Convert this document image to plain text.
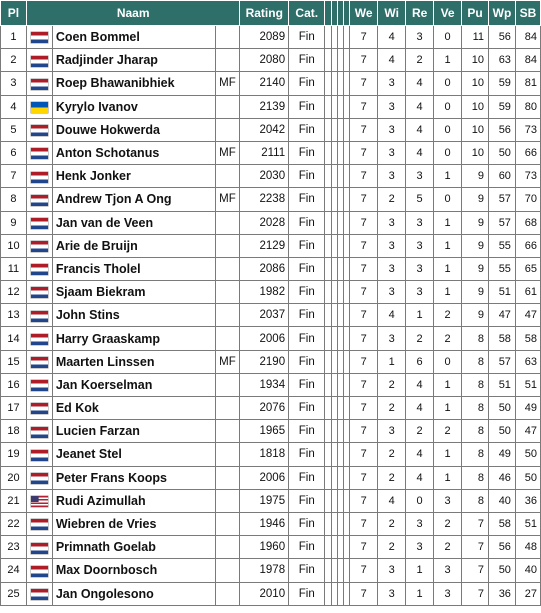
Pl	Naam			Rating	Cat.					We	Wi	Re	Ve	Pu	Wp	SB
1		Coen Bommel		2089	Fin					7	4	3	0	11	56	84
2		Radjinder Jharap		2080	Fin					7	4	2	1	10	63	84
3		Roep Bhawanibhiek	MF	2140	Fin					7	3	4	0	10	59	81
4		Kyrylo Ivanov		2139	Fin					7	3	4	0	10	59	80
5		Douwe Hokwerda		2042	Fin					7	3	4	0	10	56	73
6		Anton Schotanus	MF	2111	Fin					7	3	4	0	10	50	66
7		Henk Jonker		2030	Fin					7	3	3	1	9	60	73
8		Andrew Tjon A Ong	MF	2238	Fin					7	2	5	0	9	57	70
9		Jan van de Veen		2028	Fin					7	3	3	1	9	57	68
10		Arie de Bruijn		2129	Fin					7	3	3	1	9	55	66
11		Francis Tholel		2086	Fin					7	3	3	1	9	55	65
12		Sjaam Biekram		1982	Fin					7	3	3	1	9	51	61
13		John Stins		2037	Fin					7	4	1	2	9	47	47
14		Harry Graaskamp		2006	Fin					7	3	2	2	8	58	58
15		Maarten Linssen	MF	2190	Fin					7	1	6	0	8	57	63
16		Jan Koerselman		1934	Fin					7	2	4	1	8	51	51
17		Ed Kok		2076	Fin					7	2	4	1	8	50	49
18		Lucien Farzan		1965	Fin					7	3	2	2	8	50	47
19		Jeanet Stel		1818	Fin					7	2	4	1	8	49	50
20		Peter Frans Koops		2006	Fin					7	2	4	1	8	46	50
21		Rudi Azimullah		1975	Fin					7	4	0	3	8	40	36
22		Wiebren de Vries		1946	Fin					7	2	3	2	7	58	51
23		Primnath Goelab		1960	Fin					7	2	3	2	7	56	48
24		Max Doornbosch		1978	Fin					7	3	1	3	7	50	40
25		Jan Ongolesono		2010	Fin					7	3	1	3	7	36	27
